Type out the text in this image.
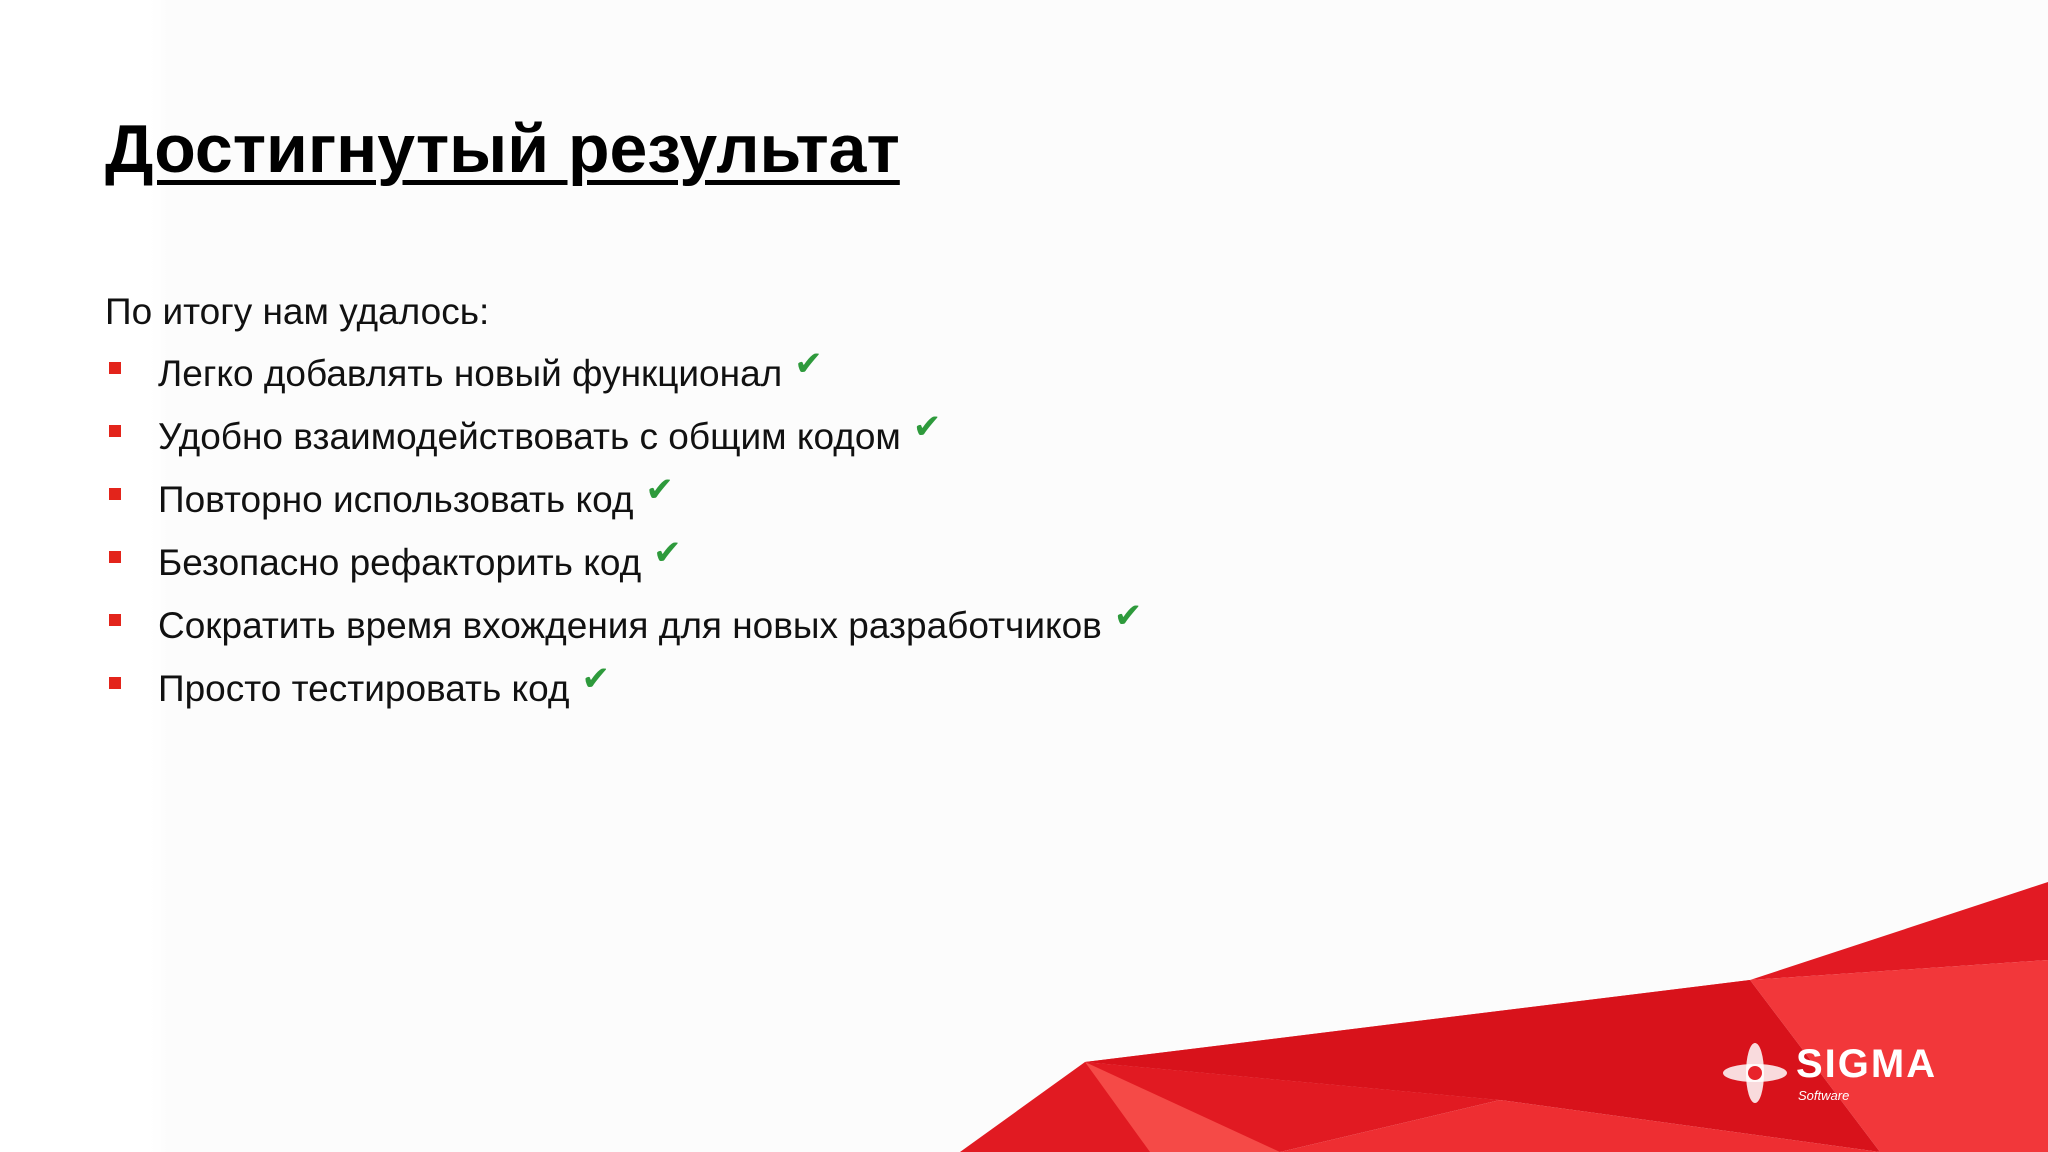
Достигнутый результат
По итогу нам удалось:
Легко добавлять новый функционал ✔
Удобно взаимодействовать с общим кодом ✔
Повторно использовать код ✔
Безопасно рефакторить код ✔
Сократить время вхождения для новых разработчиков ✔
Просто тестировать код ✔
SIGMA
Software
